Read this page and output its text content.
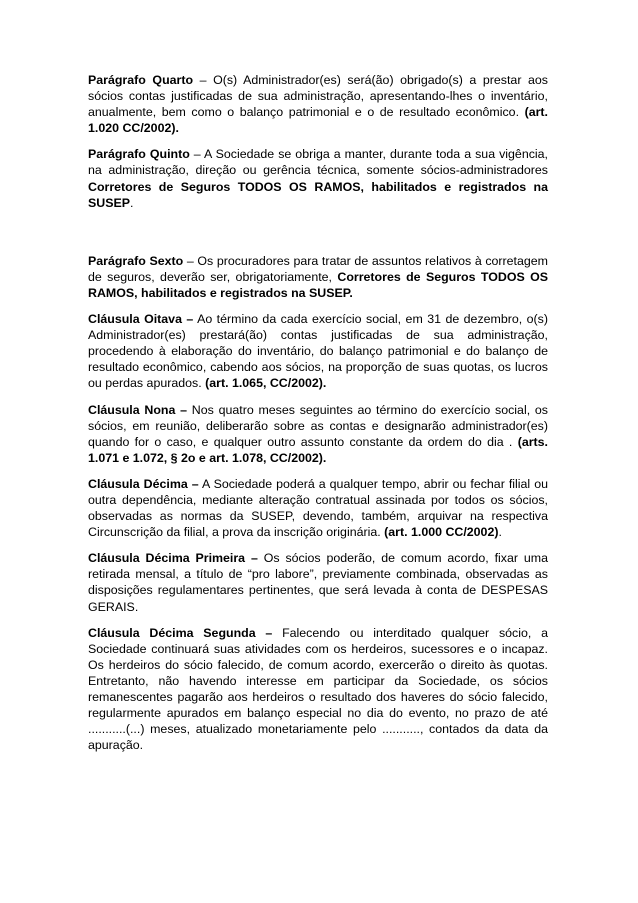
Parágrafo Quarto – O(s) Administrador(es) será(ão) obrigado(s) a prestar aos sócios contas justificadas de sua administração, apresentando-lhes o inventário, anualmente, bem como o balanço patrimonial e o de resultado econômico. (art. 1.020 CC/2002).

Parágrafo Quinto – A Sociedade se obriga a manter, durante toda a sua vigência, na administração, direção ou gerência técnica, somente sócios-administradores Corretores de Seguros TODOS OS RAMOS, habilitados e registrados na SUSEP.

Parágrafo Sexto – Os procuradores para tratar de assuntos relativos à corretagem de seguros, deverão ser, obrigatoriamente, Corretores de Seguros TODOS OS RAMOS, habilitados e registrados na SUSEP.

Cláusula Oitava – Ao término da cada exercício social, em 31 de dezembro, o(s) Administrador(es) prestará(ão) contas justificadas de sua administração, procedendo à elaboração do inventário, do balanço patrimonial e do balanço de resultado econômico, cabendo aos sócios, na proporção de suas quotas, os lucros ou perdas apurados. (art. 1.065, CC/2002).

Cláusula Nona – Nos quatro meses seguintes ao término do exercício social, os sócios, em reunião, deliberarão sobre as contas e designarão administrador(es) quando for o caso, e qualquer outro assunto constante da ordem do dia . (arts. 1.071 e 1.072, § 2o e art. 1.078, CC/2002).

Cláusula Décima – A Sociedade poderá a qualquer tempo, abrir ou fechar filial ou outra dependência, mediante alteração contratual assinada por todos os sócios, observadas as normas da SUSEP, devendo, também, arquivar na respectiva Circunscrição da filial, a prova da inscrição originária. (art. 1.000 CC/2002).

Cláusula Décima Primeira – Os sócios poderão, de comum acordo, fixar uma retirada mensal, a título de “pro labore”, previamente combinada, observadas as disposições regulamentares pertinentes, que será levada à conta de DESPESAS GERAIS.

Cláusula Décima Segunda – Falecendo ou interditado qualquer sócio, a Sociedade continuará suas atividades com os herdeiros, sucessores e o incapaz. Os herdeiros do sócio falecido, de comum acordo, exercerão o direito às quotas. Entretanto, não havendo interesse em participar da Sociedade, os sócios remanescentes pagarão aos herdeiros o resultado dos haveres do sócio falecido, regularmente apurados em balanço especial no dia do evento, no prazo de até ...........(...) meses, atualizado monetariamente pelo ..........., contados da data da apuração.
